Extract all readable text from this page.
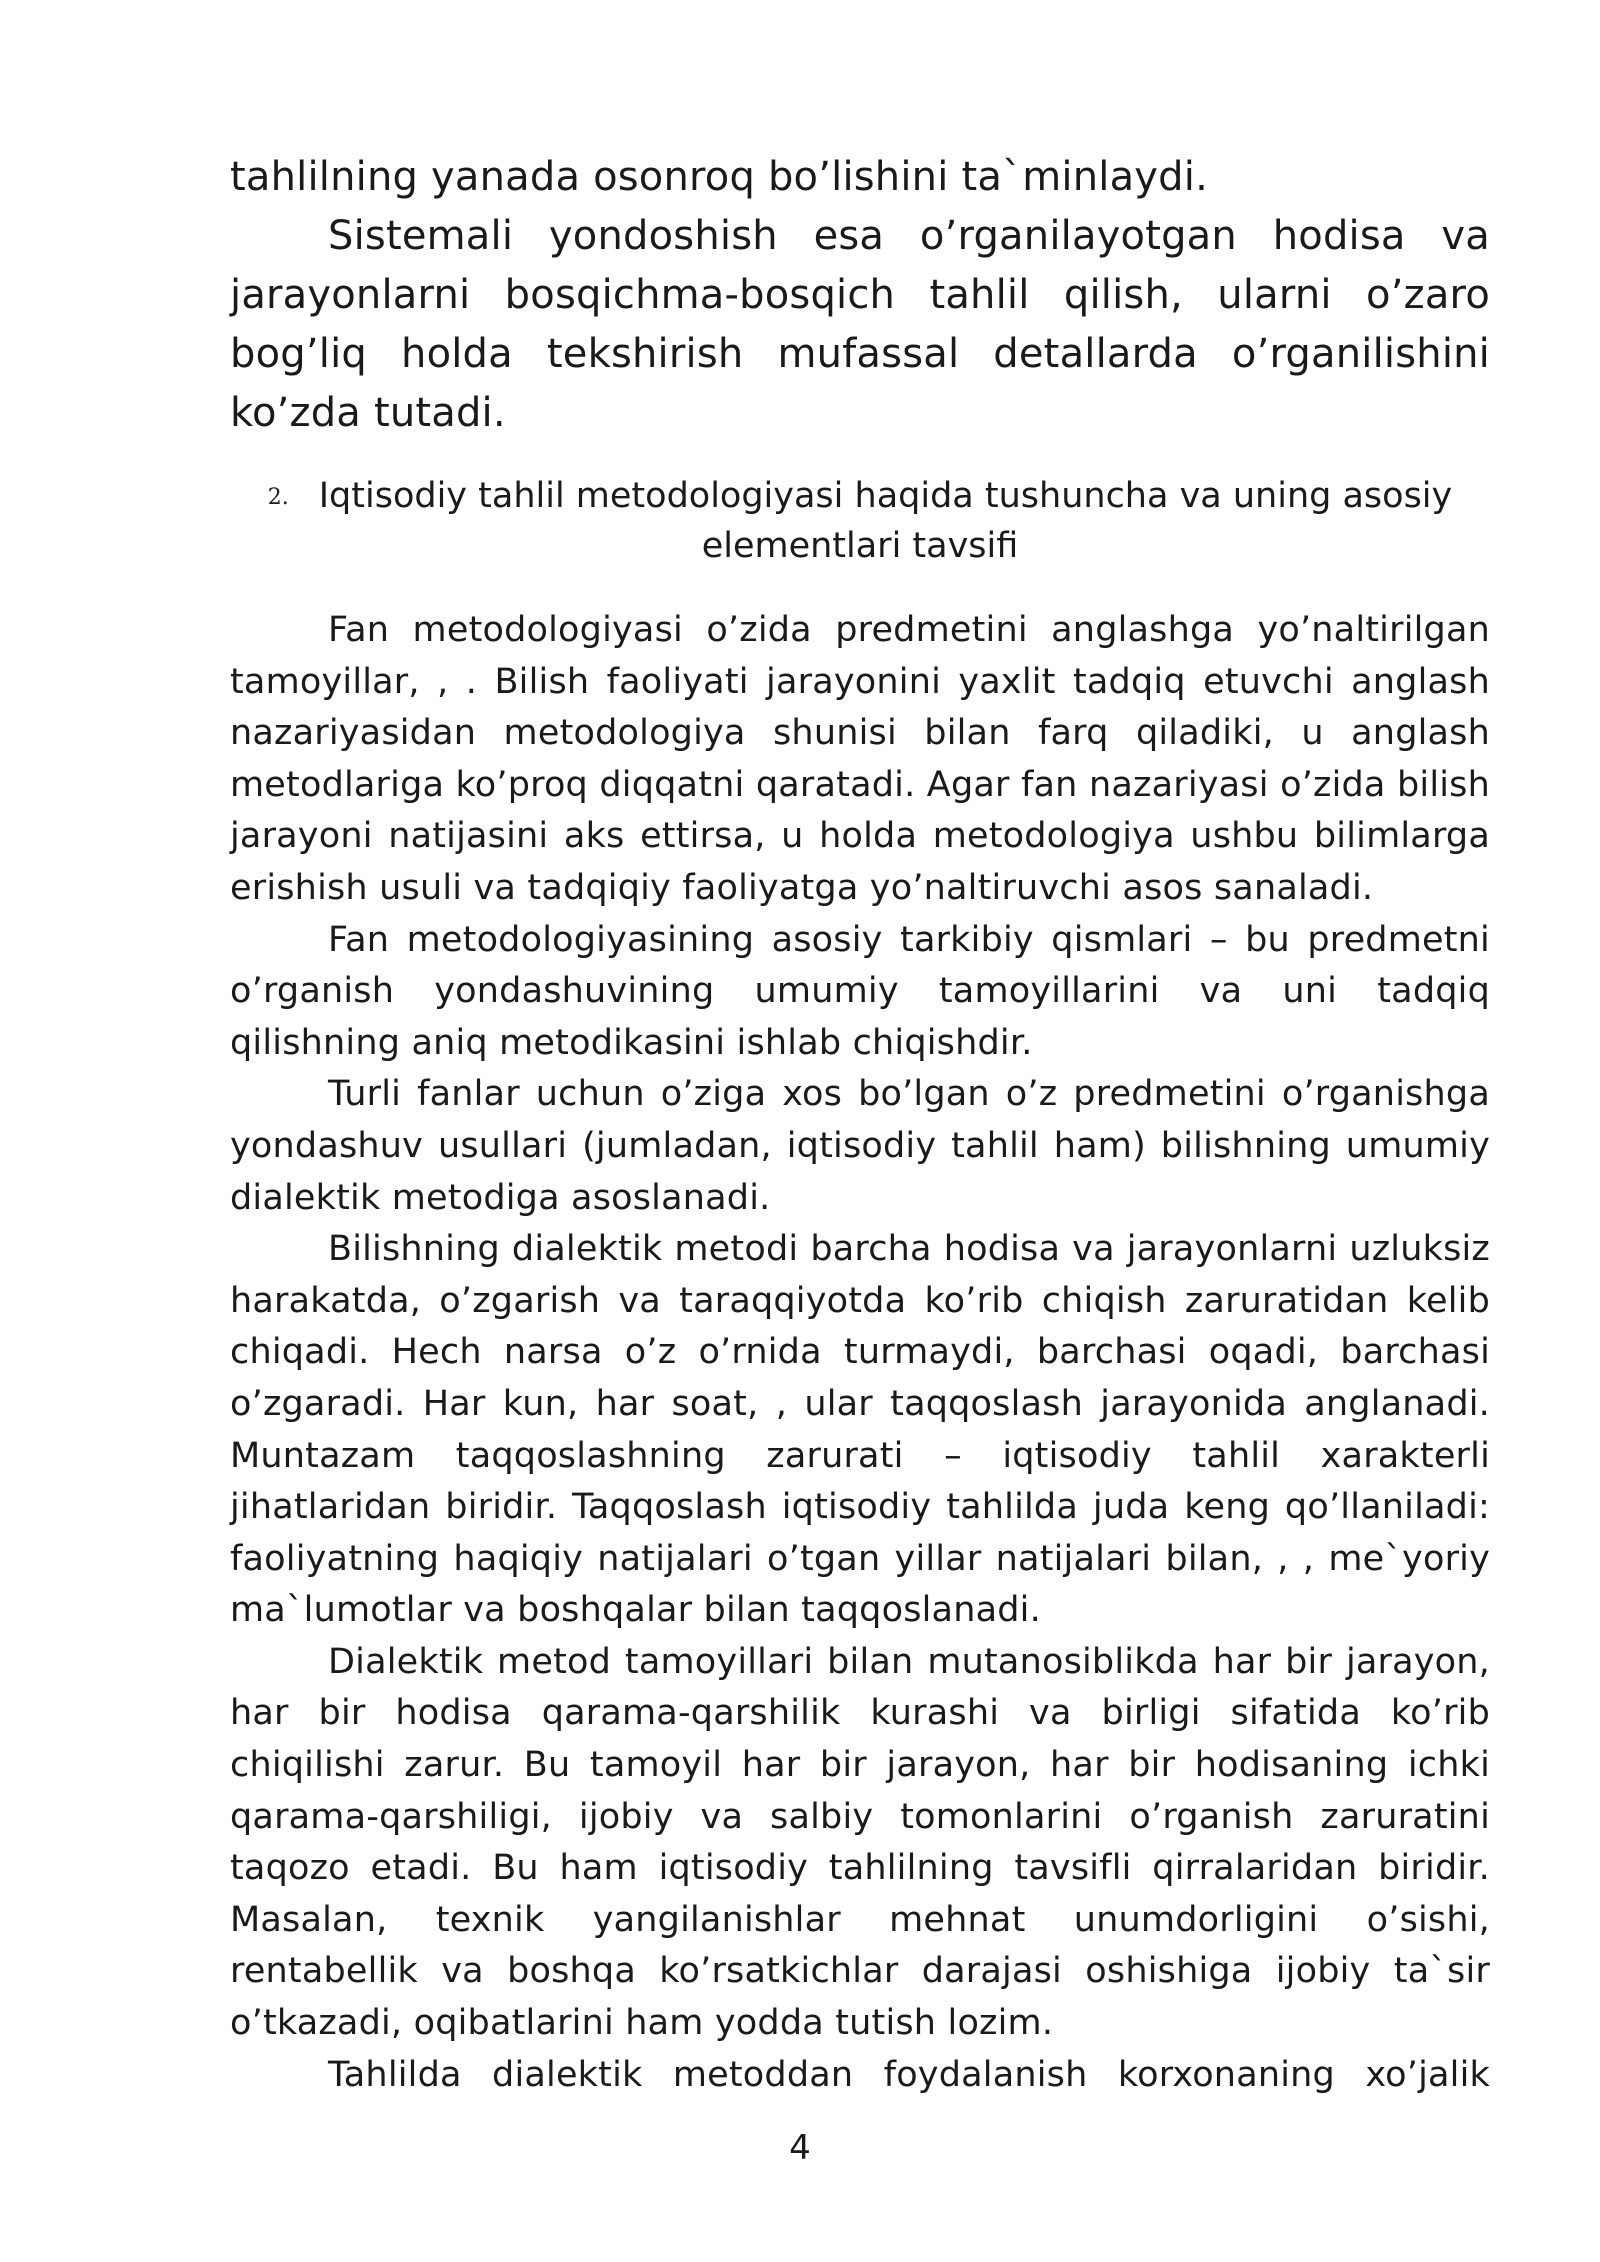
tahlilning yanada osonroq bo’lishini ta`minlaydi.

Sistemali yondoshish esa o’rganilayotgan hodisa va jarayonlarni bosqichma-bosqich tahlil qilish, ularni o’zaro bog’liq holda tekshirish mufassal detallarda o’rganilishini ko’zda tutadi.

2. Iqtisodiy tahlil metodologiyasi haqida tushuncha va uning asosiy
elementlari tavsifi

Fan metodologiyasi o’zida predmetini anglashga yo’naltirilgan tamoyillar, , . Bilish faoliyati jarayonini yaxlit tadqiq etuvchi anglash nazariyasidan metodologiya shunisi bilan farq qiladiki, u anglash metodlariga ko’proq diqqatni qaratadi. Agar fan nazariyasi o’zida bilish jarayoni natijasini aks ettirsa, u holda metodologiya ushbu bilimlarga erishish usuli va tadqiqiy faoliyatga yo’naltiruvchi asos sanaladi.

Fan metodologiyasining asosiy tarkibiy qismlari – bu predmetni o’rganish yondashuvining umumiy tamoyillarini va uni tadqiq qilishning aniq metodikasini ishlab chiqishdir.

Turli fanlar uchun o’ziga xos bo’lgan o’z predmetini o’rganishga yondashuv usullari (jumladan, iqtisodiy tahlil ham) bilishning umumiy dialektik metodiga asoslanadi.

Bilishning dialektik metodi barcha hodisa va jarayonlarni uzluksiz harakatda, o’zgarish va taraqqiyotda ko’rib chiqish zaruratidan kelib chiqadi. Hech narsa o’z o’rnida turmaydi, barchasi oqadi, barchasi o’zgaradi. Har kun, har soat, , ular taqqoslash jarayonida anglanadi. Muntazam taqqoslashning zarurati – iqtisodiy tahlil xarakterli jihatlaridan biridir. Taqqoslash iqtisodiy tahlilda juda keng qo’llaniladi: faoliyatning haqiqiy natijalari o’tgan yillar natijalari bilan, , , me`yoriy ma`lumotlar va boshqalar bilan taqqoslanadi.

Dialektik metod tamoyillari bilan mutanosiblikda har bir jarayon, har bir hodisa qarama-qarshilik kurashi va birligi sifatida ko’rib chiqilishi zarur. Bu tamoyil har bir jarayon, har bir hodisaning ichki qarama-qarshiligi, ijobiy va salbiy tomonlarini o’rganish zaruratini taqozo etadi. Bu ham iqtisodiy tahlilning tavsifli qirralaridan biridir. Masalan, texnik yangilanishlar mehnat unumdorligini o’sishi, rentabellik va boshqa ko’rsatkichlar darajasi oshishiga ijobiy ta`sir o’tkazadi, oqibatlarini ham yodda tutish lozim.

Tahlilda dialektik metoddan foydalanish korxonaning xo’jalik

4
